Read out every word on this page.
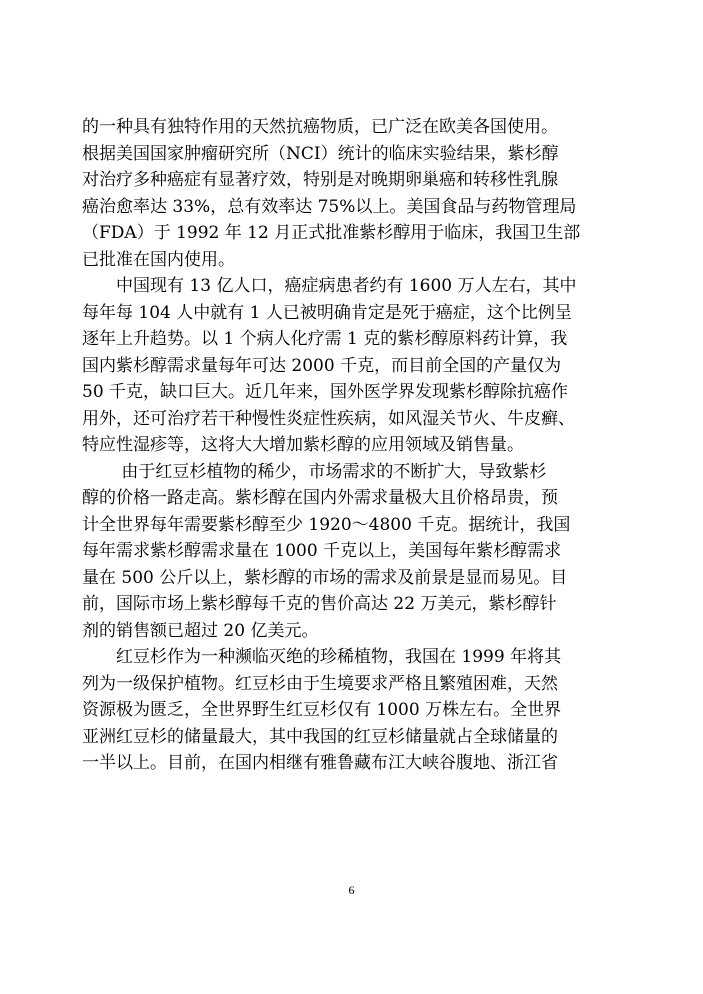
的一种具有独特作用的天然抗癌物质，已广泛在欧美各国使用。
根据美国国家肿瘤研究所（NCI）统计的临床实验结果，紫杉醇
对治疗多种癌症有显著疗效，特别是对晚期卵巢癌和转移性乳腺
癌治愈率达 33%，总有效率达 75%以上。美国食品与药物管理局
（FDA）于 1992 年 12 月正式批准紫杉醇用于临床，我国卫生部
已批准在国内使用。

　　中国现有 13 亿人口，癌症病患者约有 1600 万人左右，其中
每年每 104 人中就有 1 人已被明确肯定是死于癌症，这个比例呈
逐年上升趋势。以 1 个病人化疗需 1 克的紫杉醇原料药计算，我
国内紫杉醇需求量每年可达 2000 千克，而目前全国的产量仅为
50 千克，缺口巨大。近几年来，国外医学界发现紫杉醇除抗癌作
用外，还可治疗若干种慢性炎症性疾病，如风湿关节火、牛皮癣、
特应性湿疹等，这将大大增加紫杉醇的应用领域及销售量。

　　 由于红豆杉植物的稀少，市场需求的不断扩大，导致紫杉
醇的价格一路走高。紫杉醇在国内外需求量极大且价格昂贵，预
计全世界每年需要紫杉醇至少 1920～4800 千克。据统计，我国
每年需求紫杉醇需求量在 1000 千克以上，美国每年紫杉醇需求
量在 500 公斤以上，紫杉醇的市场的需求及前景是显而易见。目
前，国际市场上紫杉醇每千克的售价高达 22 万美元，紫杉醇针
剂的销售额已超过 20 亿美元。

　　红豆杉作为一种濒临灭绝的珍稀植物，我国在 1999 年将其
列为一级保护植物。红豆杉由于生境要求严格且繁殖困难，天然
资源极为匮乏，全世界野生红豆杉仅有 1000 万株左右。全世界
亚洲红豆杉的储量最大，其中我国的红豆杉储量就占全球储量的
一半以上。目前，在国内相继有雅鲁藏布江大峡谷腹地、浙江省

6
